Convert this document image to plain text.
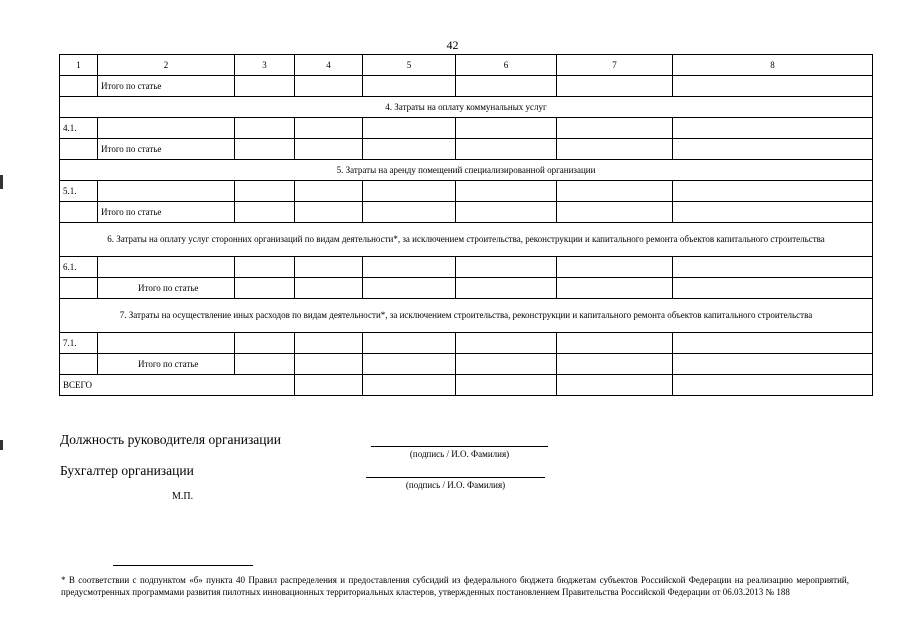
42
1	2	3	4	5	6	7	8
	Итого по статье						
4. Затраты на оплату коммунальных услуг							
4.1.							
	Итого по статье						
5. Затраты на аренду помещений специализированной организации							
5.1.							
	Итого по статье						
6. Затраты на оплату услуг сторонних организаций по видам деятельности*, за исключением строительства, реконструкции и капитального ремонта объектов капитального строительства							
6.1.							
	Итого по статье						
7. Затраты на осуществление иных расходов по видам деятельности*, за исключением строительства, реконструкции и капитального ремонта объектов капитального строительства							
7.1.							
	Итого по статье						
ВСЕГО							
Должность руководителя организации
(подпись / И.О. Фамилия)
Бухгалтер организации
(подпись / И.О. Фамилия)
М.П.
* В соответствии с подпунктом «б» пункта 40 Правил распределения и предоставления субсидий из федерального бюджета бюджетам субъектов Российской Федерации на реализацию мероприятий, предусмотренных программами развития пилотных инновационных территориальных кластеров, утвержденных постановлением Правительства Российской Федерации от 06.03.2013 № 188
